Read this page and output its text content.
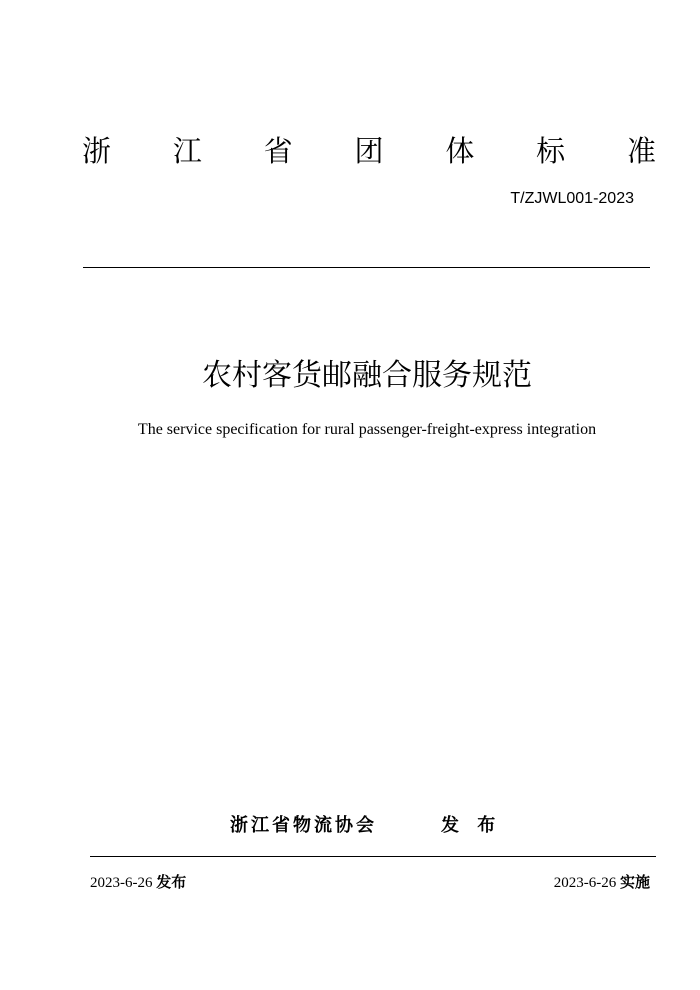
浙 江 省 团 体 标 准
T/ZJWL001-2023
农村客货邮融合服务规范
The service specification for rural passenger-freight-express integration
浙江省物流协会	发 布
2023-6-26 发布	2023-6-26 实施
